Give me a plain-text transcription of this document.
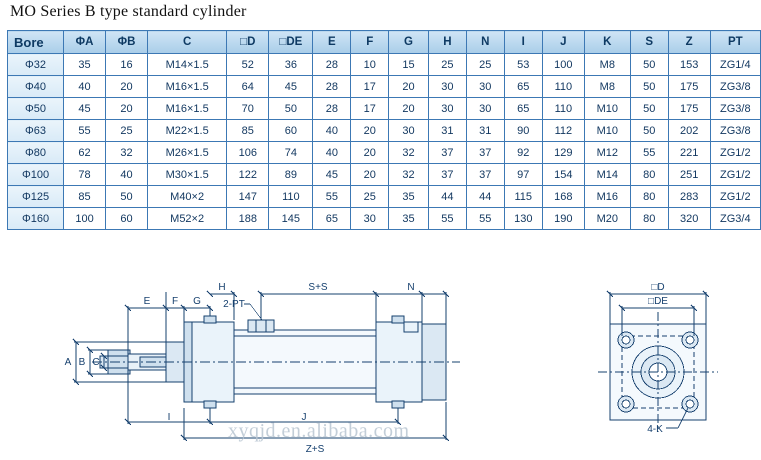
MO Series B type standard cylinder
Bore	ΦA	ΦB	C	□D	□DE	E	F	G	H	N	I	J	K	S	Z	PT
Φ32	35	16	M14×1.5	52	36	28	10	15	25	25	53	100	M8	50	153	ZG1/4
Φ40	40	20	M16×1.5	64	45	28	17	20	30	30	65	110	M8	50	175	ZG3/8
Φ50	45	20	M16×1.5	70	50	28	17	20	30	30	65	110	M10	50	175	ZG3/8
Φ63	55	25	M22×1.5	85	60	40	20	30	31	31	90	112	M10	50	202	ZG3/8
Φ80	62	32	M26×1.5	106	74	40	20	32	37	37	92	129	M12	55	221	ZG1/2
Φ100	78	40	M30×1.5	122	89	45	20	32	37	37	97	154	M14	80	251	ZG1/2
Φ125	85	50	M40×2	147	110	55	25	35	44	44	115	168	M16	80	283	ZG1/2
Φ160	100	60	M52×2	188	145	65	30	35	55	55	130	190	M20	80	320	ZG3/4
E F G
H	S+S	N
2-PT
I	J
Z+S
□D
□DE
4-K
A B C
xyqjd.en.alibaba.com
